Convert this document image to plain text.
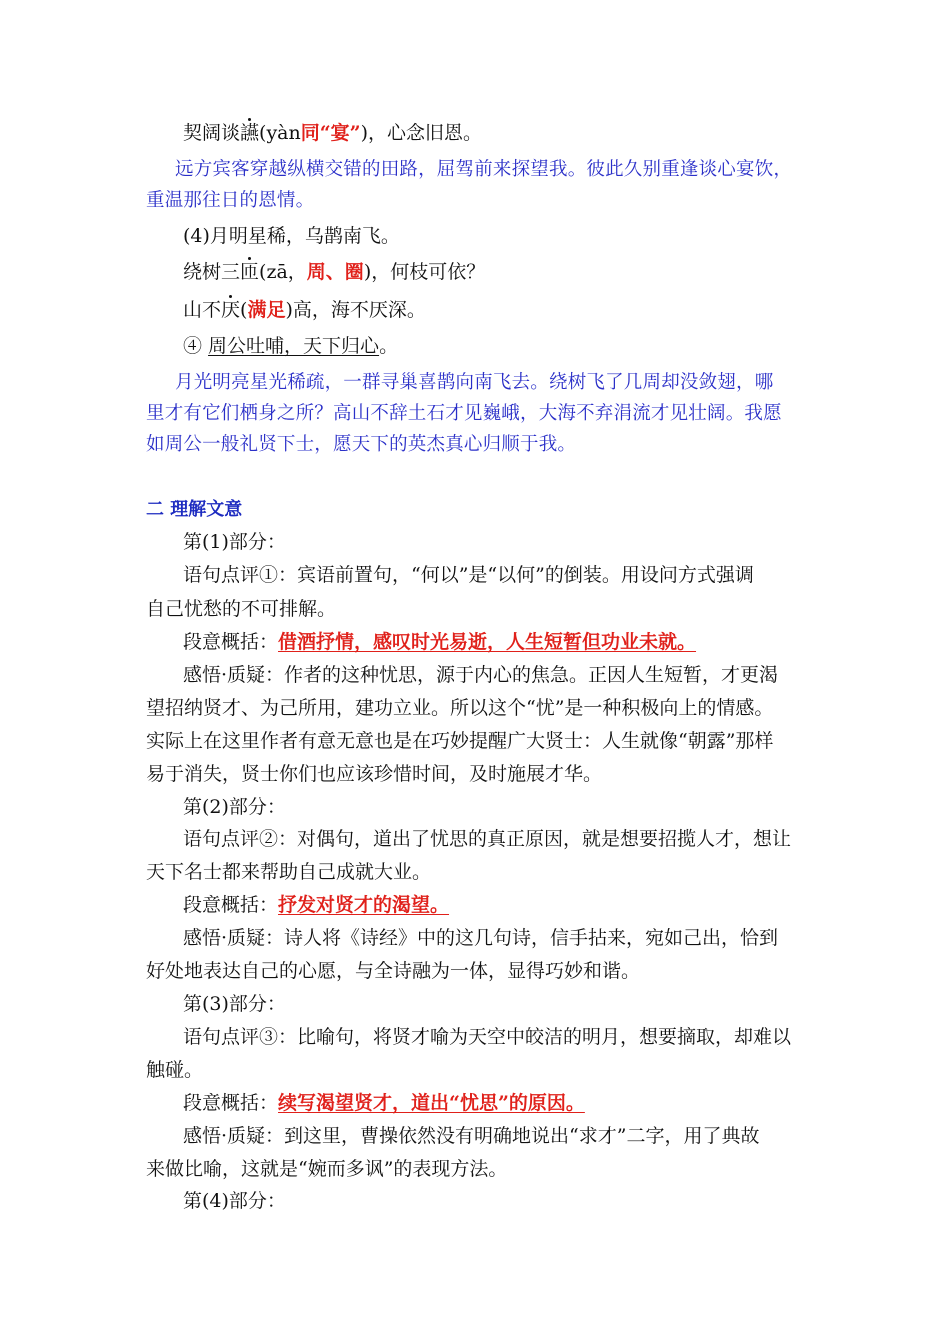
契阔谈讌(yàn同“宴”)，心念旧恩。
远方宾客穿越纵横交错的田路，屈驾前来探望我。彼此久别重逢谈心宴饮，
重温那往日的恩情。
(4)月明星稀，乌鹊南飞。
绕树三匝(zā，周、圈)，何枝可依？
山不厌(满足)高，海不厌深。
④ 周公吐哺，天下归心。
月光明亮星光稀疏，一群寻巢喜鹊向南飞去。绕树飞了几周却没敛翅，哪
里才有它们栖身之所？高山不辞土石才见巍峨，大海不弃涓流才见壮阔。我愿
如周公一般礼贤下士，愿天下的英杰真心归顺于我。
二 理解文意
第(1)部分：
语句点评①：宾语前置句，“何以”是“以何”的倒装。用设问方式强调
自己忧愁的不可排解。
段意概括：借酒抒情，感叹时光易逝，人生短暂但功业未就。
感悟·质疑：作者的这种忧思，源于内心的焦急。正因人生短暂，才更渴
望招纳贤才、为己所用，建功立业。所以这个“忧”是一种积极向上的情感。
实际上在这里作者有意无意也是在巧妙提醒广大贤士：人生就像“朝露”那样
易于消失，贤士你们也应该珍惜时间，及时施展才华。
第(2)部分：
语句点评②：对偶句，道出了忧思的真正原因，就是想要招揽人才，想让
天下名士都来帮助自己成就大业。
段意概括：抒发对贤才的渴望。
感悟·质疑：诗人将《诗经》中的这几句诗，信手拈来，宛如己出，恰到
好处地表达自己的心愿，与全诗融为一体，显得巧妙和谐。
第(3)部分：
语句点评③：比喻句，将贤才喻为天空中皎洁的明月，想要摘取，却难以
触碰。
段意概括：续写渴望贤才，道出“忧思”的原因。
感悟·质疑：到这里，曹操依然没有明确地说出“求才”二字，用了典故
来做比喻，这就是“婉而多讽”的表现方法。
第(4)部分：
